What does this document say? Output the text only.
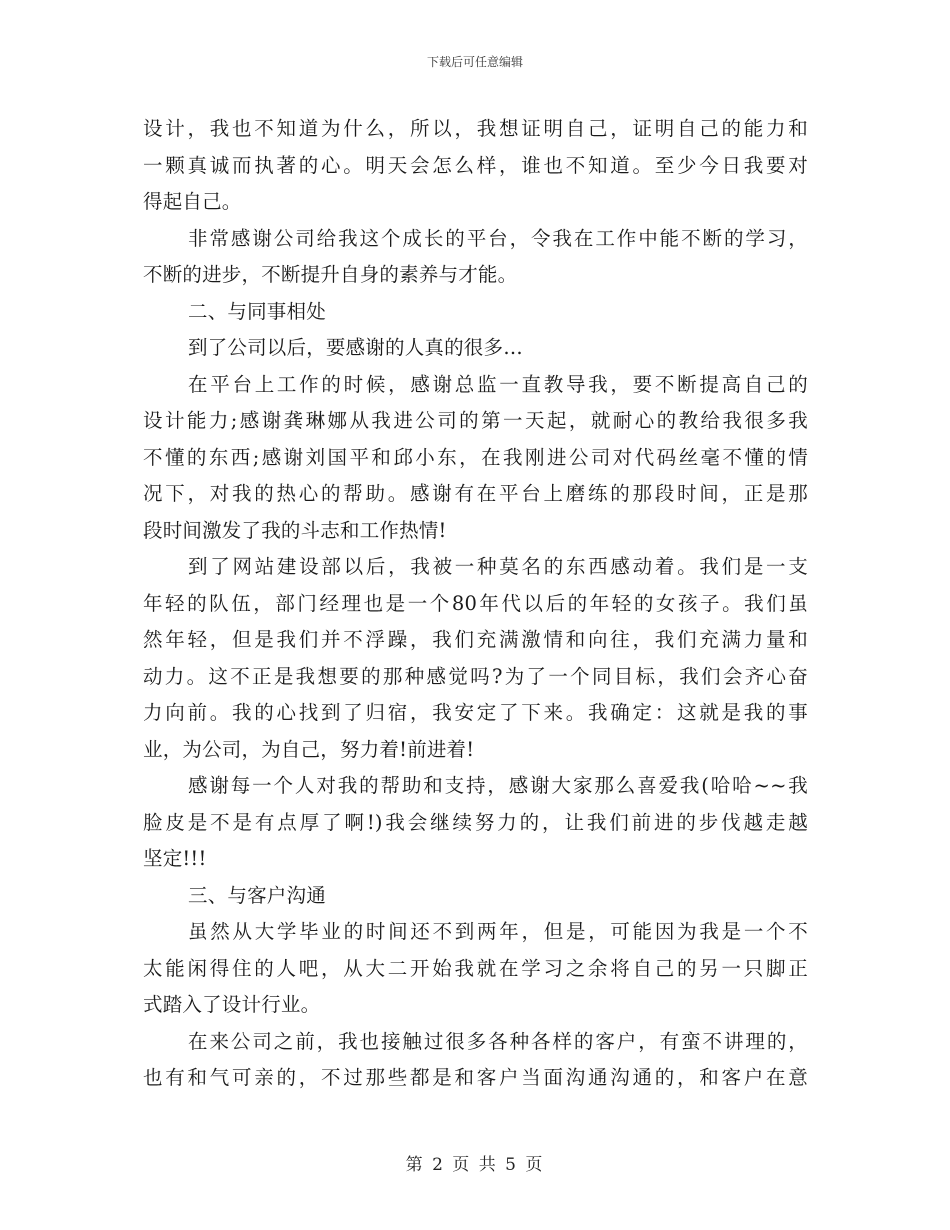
下载后可任意编辑
设计，我也不知道为什么，所以，我想证明自己，证明自己的能力和
一颗真诚而执著的心。明天会怎么样，谁也不知道。至少今日我要对
得起自己。
非常感谢公司给我这个成长的平台，令我在工作中能不断的学习，
不断的进步，不断提升自身的素养与才能。
二、与同事相处
到了公司以后，要感谢的人真的很多…
在平台上工作的时候，感谢总监一直教导我，要不断提高自己的
设计能力;感谢龚琳娜从我进公司的第一天起，就耐心的教给我很多我
不懂的东西;感谢刘国平和邱小东，在我刚进公司对代码丝毫不懂的情
况下，对我的热心的帮助。感谢有在平台上磨练的那段时间，正是那
段时间激发了我的斗志和工作热情!
到了网站建设部以后，我被一种莫名的东西感动着。我们是一支
年轻的队伍，部门经理也是一个80年代以后的年轻的女孩子。我们虽
然年轻，但是我们并不浮躁，我们充满激情和向往，我们充满力量和
动力。这不正是我想要的那种感觉吗?为了一个同目标，我们会齐心奋
力向前。我的心找到了归宿，我安定了下来。我确定：这就是我的事
业，为公司，为自己，努力着!前进着!
感谢每一个人对我的帮助和支持，感谢大家那么喜爱我(哈哈~~我
脸皮是不是有点厚了啊!)我会继续努力的，让我们前进的步伐越走越
坚定!!!
三、与客户沟通
虽然从大学毕业的时间还不到两年，但是，可能因为我是一个不
太能闲得住的人吧，从大二开始我就在学习之余将自己的另一只脚正
式踏入了设计行业。
在来公司之前，我也接触过很多各种各样的客户，有蛮不讲理的，
也有和气可亲的，不过那些都是和客户当面沟通沟通的，和客户在意
第 2 页 共 5 页
